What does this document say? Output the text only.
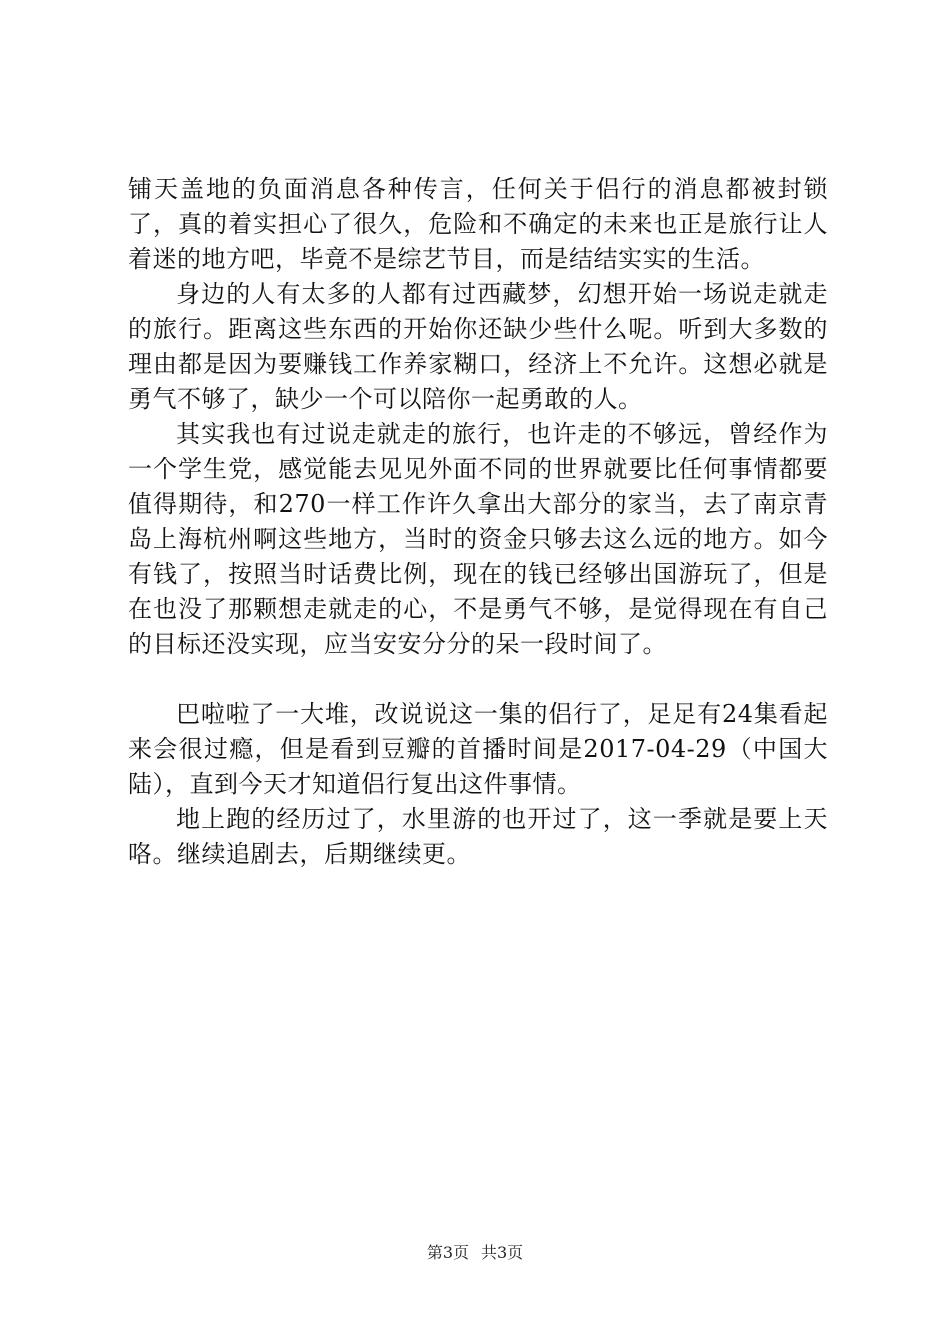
铺天盖地的负面消息各种传言，任何关于侣行的消息都被封锁了，真的着实担心了很久，危险和不确定的未来也正是旅行让人着迷的地方吧，毕竟不是综艺节目，而是结结实实的生活。

身边的人有太多的人都有过西藏梦，幻想开始一场说走就走的旅行。距离这些东西的开始你还缺少些什么呢。听到大多数的理由都是因为要赚钱工作养家糊口，经济上不允许。这想必就是勇气不够了，缺少一个可以陪你一起勇敢的人。

其实我也有过说走就走的旅行，也许走的不够远，曾经作为一个学生党，感觉能去见见外面不同的世界就要比任何事情都要值得期待，和270一样工作许久拿出大部分的家当，去了南京青岛上海杭州啊这些地方，当时的资金只够去这么远的地方。如今有钱了，按照当时话费比例，现在的钱已经够出国游玩了，但是在也没了那颗想走就走的心，不是勇气不够，是觉得现在有自己的目标还没实现，应当安安分分的呆一段时间了。

巴啦啦了一大堆，改说说这一集的侣行了，足足有24集看起来会很过瘾，但是看到豆瓣的首播时间是2017-04-29（中国大陆），直到今天才知道侣行复出这件事情。

地上跑的经历过了，水里游的也开过了，这一季就是要上天咯。继续追剧去，后期继续更。

第3页 共3页
